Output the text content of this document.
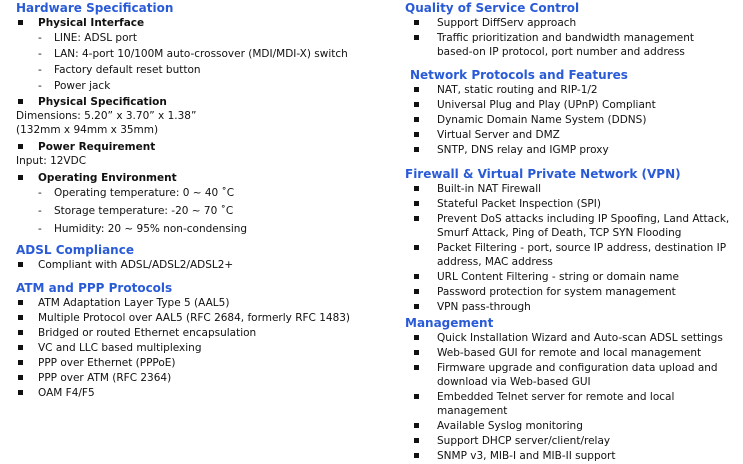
Hardware Specification
Physical Interface
- LINE: ADSL port
- LAN: 4-port 10/100M auto-crossover (MDI/MDI-X) switch
- Factory default reset button
- Power jack
Physical Specification
Dimensions: 5.20” x 3.70” x 1.38”
(132mm x 94mm x 35mm)
Power Requirement
Input: 12VDC
Operating Environment
- Operating temperature: 0 ~ 40 ˚C
- Storage temperature: -20 ~ 70 ˚C
- Humidity: 20 ~ 95% non-condensing
ADSL Compliance
Compliant with ADSL/ADSL2/ADSL2+
ATM and PPP Protocols
ATM Adaptation Layer Type 5 (AAL5)
Multiple Protocol over AAL5 (RFC 2684, formerly RFC 1483)
Bridged or routed Ethernet encapsulation
VC and LLC based multiplexing
PPP over Ethernet (PPPoE)
PPP over ATM (RFC 2364)
OAM F4/F5
Quality of Service Control
Support DiffServ approach
Traffic prioritization and bandwidth management based-on IP protocol, port number and address
Network Protocols and Features
NAT, static routing and RIP-1/2
Universal Plug and Play (UPnP) Compliant
Dynamic Domain Name System (DDNS)
Virtual Server and DMZ
SNTP, DNS relay and IGMP proxy
Firewall & Virtual Private Network (VPN)
Built-in NAT Firewall
Stateful Packet Inspection (SPI)
Prevent DoS attacks including IP Spoofing, Land Attack, Smurf Attack, Ping of Death, TCP SYN Flooding
Packet Filtering - port, source IP address, destination IP address, MAC address
URL Content Filtering - string or domain name
Password protection for system management
VPN pass-through
Management
Quick Installation Wizard and Auto-scan ADSL settings
Web-based GUI for remote and local management
Firmware upgrade and configuration data upload and download via Web-based GUI
Embedded Telnet server for remote and local management
Available Syslog monitoring
Support DHCP server/client/relay
SNMP v3, MIB-I and MIB-II support
